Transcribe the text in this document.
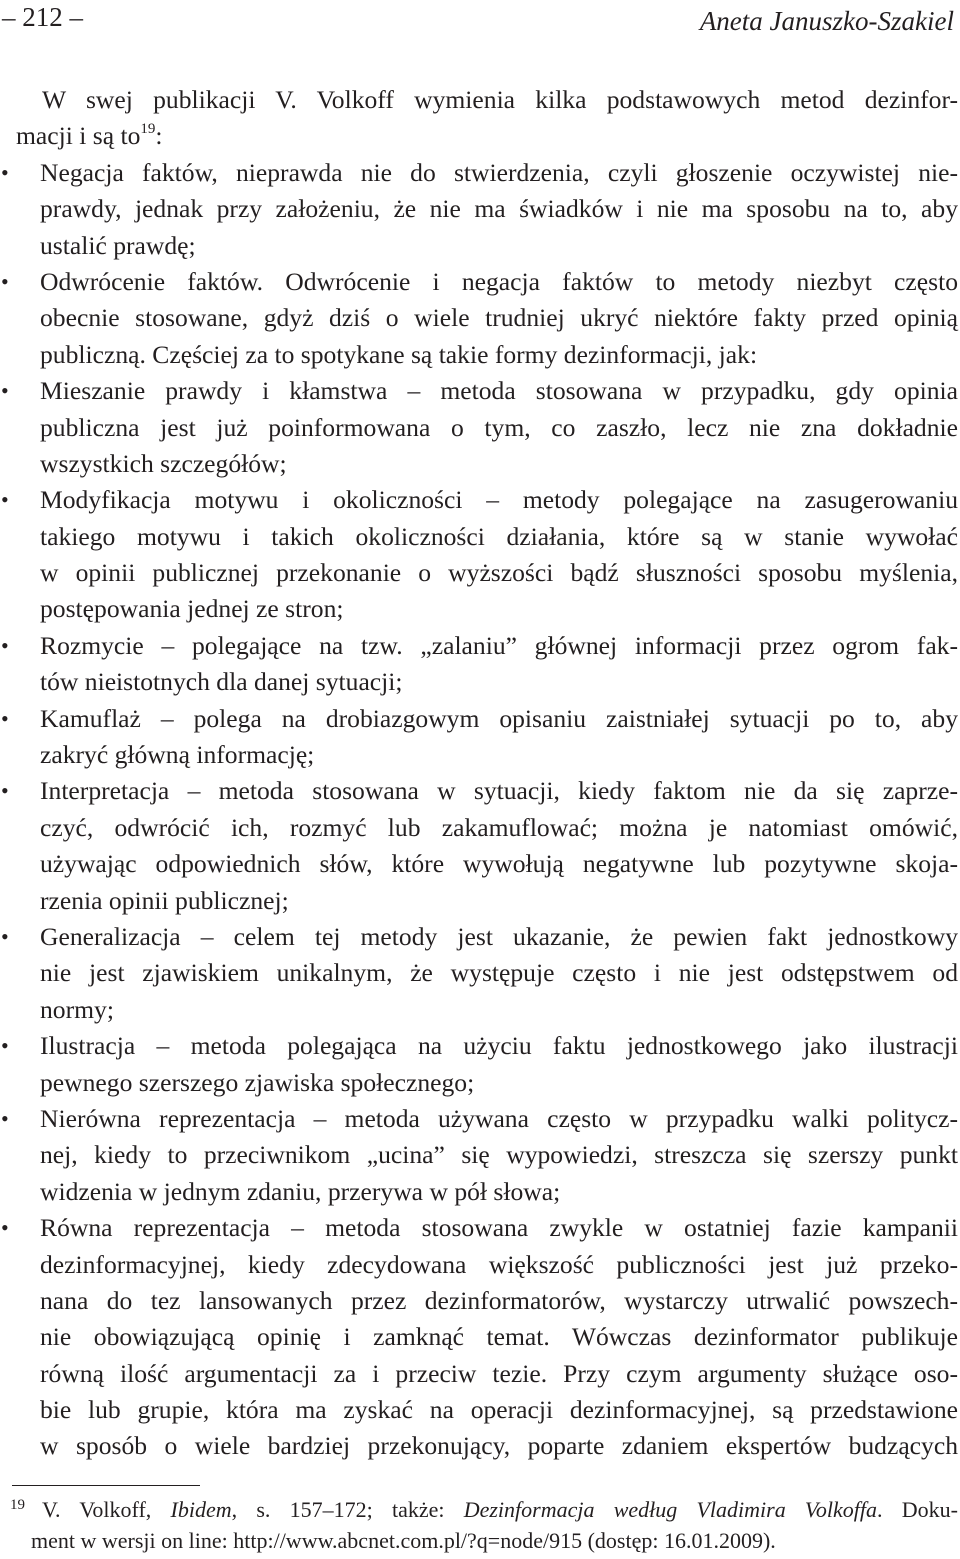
– 212 –	Aneta Januszko-Szakiel
W swej publikacji V. Volkoff wymienia kilka podstawowych metod dezinfor-
macji i są $to^{19}$:
• Negacja faktów, nieprawda nie do stwierdzenia, czyli głoszenie oczywistej nie-
prawdy, jednak przy założeniu, że nie ma świadków i nie ma sposobu na to, aby
ustalić prawdę;
• Odwrócenie faktów. Odwrócenie i negacja faktów to metody niezbyt często
obecnie stosowane, gdyż dziś o wiele trudniej ukryć niektóre fakty przed opinią
publiczną. Częściej za to spotykane są takie formy dezinformacji, jak:
• Mieszanie prawdy i kłamstwa – metoda stosowana w przypadku, gdy opinia
publiczna jest już poinformowana o tym, co zaszło, lecz nie zna dokładnie
wszystkich szczegółów;
• Modyfikacja motywu i okoliczności – metody polegające na zasugerowaniu
takiego motywu i takich okoliczności działania, które są w stanie wywołać
w opinii publicznej przekonanie o wyższości bądź słuszności sposobu myślenia,
postępowania jednej ze stron;
• Rozmycie – polegające na tzw. „zalaniu” głównej informacji przez ogrom fak-
tów nieistotnych dla danej sytuacji;
• Kamuflaż – polega na drobiazgowym opisaniu zaistniałej sytuacji po to, aby
zakryć główną informację;
• Interpretacja – metoda stosowana w sytuacji, kiedy faktom nie da się zaprze-
czyć, odwrócić ich, rozmyć lub zakamuflować; można je natomiast omówić,
używając odpowiednich słów, które wywołują negatywne lub pozytywne skoja-
rzenia opinii publicznej;
• Generalizacja – celem tej metody jest ukazanie, że pewien fakt jednostkowy
nie jest zjawiskiem unikalnym, że występuje często i nie jest odstępstwem od
normy;
• Ilustracja – metoda polegająca na użyciu faktu jednostkowego jako ilustracji
pewnego szerszego zjawiska społecznego;
• Nierówna reprezentacja – metoda używana często w przypadku walki politycz-
nej, kiedy to przeciwnikom „ucina” się wypowiedzi, streszcza się szerszy punkt
widzenia w jednym zdaniu, przerywa w pół słowa;
• Równa reprezentacja – metoda stosowana zwykle w ostatniej fazie kampanii
dezinformacyjnej, kiedy zdecydowana większość publiczności jest już przeko-
nana do tez lansowanych przez dezinformatorów, wystarczy utrwalić powszech-
nie obowiązującą opinię i zamknąć temat. Wówczas dezinformator publikuje
równą ilość argumentacji za i przeciw tezie. Przy czym argumenty służące oso-
bie lub grupie, która ma zyskać na operacji dezinformacyjnej, są przedstawione
w sposób o wiele bardziej przekonujący, poparte zdaniem ekspertów budzących
19 V. Volkoff, Ibidem, s. 157–172; także: Dezinformacja według Vladimira Volkoffa. Doku-
ment w wersji on line: http://www.abcnet.com.pl/?q=node/915 (dostęp: 16.01.2009).
